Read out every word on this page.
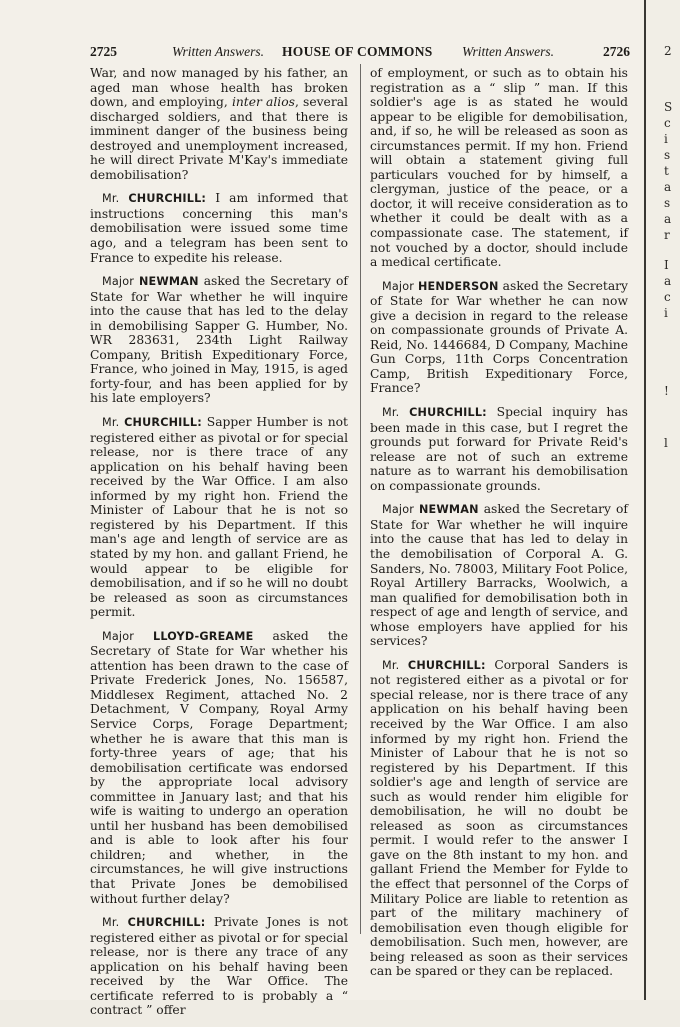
2725	Written Answers. HOUSE OF COMMONS Written Answers.	2726

War, and now managed by his father, an aged man whose health has broken down, and employing, inter alios, several discharged soldiers, and that there is imminent danger of the business being destroyed and unemployment increased, he will direct Private M'Kay's immediate demobilisation?

Mr. CHURCHILL: I am informed that instructions concerning this man's demobilisation were issued some time ago, and a telegram has been sent to France to expedite his release.

Major NEWMAN asked the Secretary of State for War whether he will inquire into the cause that has led to the delay in demobilising Sapper G. Humber, No. WR 283631, 234th Light Railway Company, British Expeditionary Force, France, who joined in May, 1915, is aged forty-four, and has been applied for by his late employers?

Mr. CHURCHILL: Sapper Humber is not registered either as pivotal or for special release, nor is there trace of any application on his behalf having been received by the War Office. I am also informed by my right hon. Friend the Minister of Labour that he is not so registered by his Department. If this man's age and length of service are as stated by my hon. and gallant Friend, he would appear to be eligible for demobilisation, and if so he will no doubt be released as soon as circumstances permit.

Major LLOYD-GREAME asked the Secretary of State for War whether his attention has been drawn to the case of Private Frederick Jones, No. 156587, Middlesex Regiment, attached No. 2 Detachment, V Company, Royal Army Service Corps, Forage Department; whether he is aware that this man is forty-three years of age; that his demobilisation certificate was endorsed by the appropriate local advisory committee in January last; and that his wife is waiting to undergo an operation until her husband has been demobilised and is able to look after his four children; and whether, in the circumstances, he will give instructions that Private Jones be demobilised without further delay?

Mr. CHURCHILL: Private Jones is not registered either as pivotal or for special release, nor is there any trace of any application on his behalf having been received by the War Office. The certificate referred to is probably a “ contract ” offer

of employment, or such as to obtain his registration as a “ slip ” man. If this soldier's age is as stated he would appear to be eligible for demobilisation, and, if so, he will be released as soon as circumstances permit. If my hon. Friend will obtain a statement giving full particulars vouched for by himself, a clergyman, justice of the peace, or a doctor, it will receive consideration as to whether it could be dealt with as a compassionate case. The statement, if not vouched by a doctor, should include a medical certificate.

Major HENDERSON asked the Secretary of State for War whether he can now give a decision in regard to the release on compassionate grounds of Private A. Reid, No. 1446684, D Company, Machine Gun Corps, 11th Corps Concentration Camp, British Expeditionary Force, France?

Mr. CHURCHILL: Special inquiry has been made in this case, but I regret the grounds put forward for Private Reid's release are not of such an extreme nature as to warrant his demobilisation on compassionate grounds.

Major NEWMAN asked the Secretary of State for War whether he will inquire into the cause that has led to delay in the demobilisation of Corporal A. G. Sanders, No. 78003, Military Foot Police, Royal Artillery Barracks, Woolwich, a man qualified for demobilisation both in respect of age and length of service, and whose employers have applied for his services?

Mr. CHURCHILL: Corporal Sanders is not registered either as a pivotal or for special release, nor is there trace of any application on his behalf having been received by the War Office. I am also informed by my right hon. Friend the Minister of Labour that he is not so registered by his Department. If this soldier's age and length of service are such as would render him eligible for demobilisation, he will no doubt be released as soon as circumstances permit. I would refer to the answer I gave on the 8th instant to my hon. and gallant Friend the Member for Fylde to the effect that personnel of the Corps of Military Police are liable to retention as part of the military machinery of demobilisation even though eligible for demobilisation. Such men, however, are being released as soon as their services can be spared or they can be replaced.

2
S
c
i
s
t
a
s
a
r
I
a
c
i
!
l
